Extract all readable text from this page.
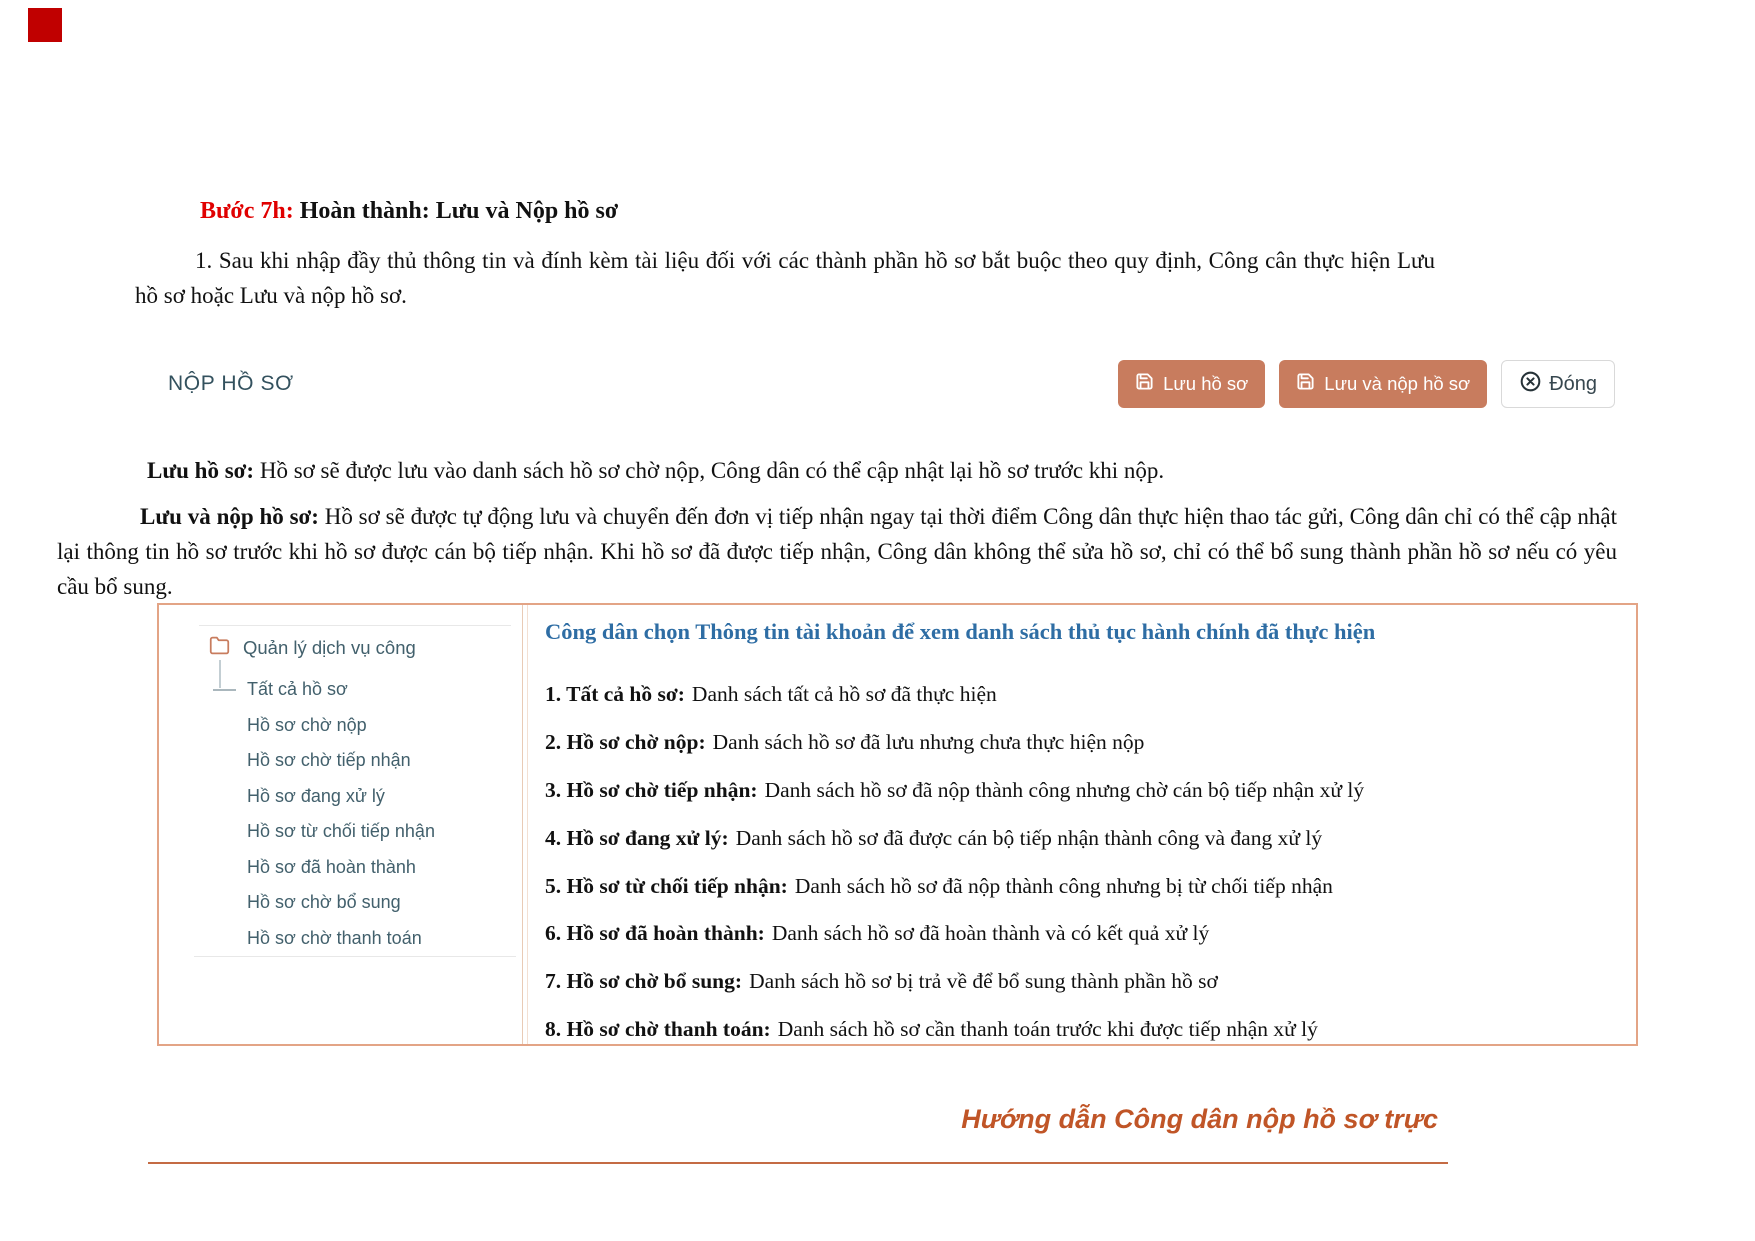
Bước 7h: Hoàn thành: Lưu và Nộp hồ sơ

1. Sau khi nhập đầy thủ thông tin và đính kèm tài liệu đối với các thành phần hồ sơ bắt buộc theo quy định, Công cân thực hiện Lưu hồ sơ hoặc Lưu và nộp hồ sơ.

NỘP HỒ SƠ	Lưu hồ sơ	Lưu và nộp hồ sơ	Đóng

Lưu hồ sơ: Hồ sơ sẽ được lưu vào danh sách hồ sơ chờ nộp, Công dân có thể cập nhật lại hồ sơ trước khi nộp.

Lưu và nộp hồ sơ: Hồ sơ sẽ được tự động lưu và chuyển đến đơn vị tiếp nhận ngay tại thời điểm Công dân thực hiện thao tác gửi, Công dân chỉ có thể cập nhật lại thông tin hồ sơ trước khi hồ sơ được cán bộ tiếp nhận. Khi hồ sơ đã được tiếp nhận, Công dân không thể sửa hồ sơ, chỉ có thể bổ sung thành phần hồ sơ nếu có yêu cầu bổ sung.

Quản lý dịch vụ công
Tất cả hồ sơ
Hồ sơ chờ nộp
Hồ sơ chờ tiếp nhận
Hồ sơ đang xử lý
Hồ sơ từ chối tiếp nhận
Hồ sơ đã hoàn thành
Hồ sơ chờ bổ sung
Hồ sơ chờ thanh toán

Công dân chọn Thông tin tài khoản để xem danh sách thủ tục hành chính đã thực hiện

1. Tất cả hồ sơ: Danh sách tất cả hồ sơ đã thực hiện
2. Hồ sơ chờ nộp: Danh sách hồ sơ đã lưu nhưng chưa thực hiện nộp
3. Hồ sơ chờ tiếp nhận: Danh sách hồ sơ đã nộp thành công nhưng chờ cán bộ tiếp nhận xử lý
4. Hồ sơ đang xử lý: Danh sách hồ sơ đã được cán bộ tiếp nhận thành công và đang xử lý
5. Hồ sơ từ chối tiếp nhận: Danh sách hồ sơ đã nộp thành công nhưng bị từ chối tiếp nhận
6. Hồ sơ đã hoàn thành: Danh sách hồ sơ đã hoàn thành và có kết quả xử lý
7. Hồ sơ chờ bổ sung: Danh sách hồ sơ bị trả về để bổ sung thành phần hồ sơ
8. Hồ sơ chờ thanh toán: Danh sách hồ sơ cần thanh toán trước khi được tiếp nhận xử lý
Hướng dẫn Công dân nộp hồ sơ trực
